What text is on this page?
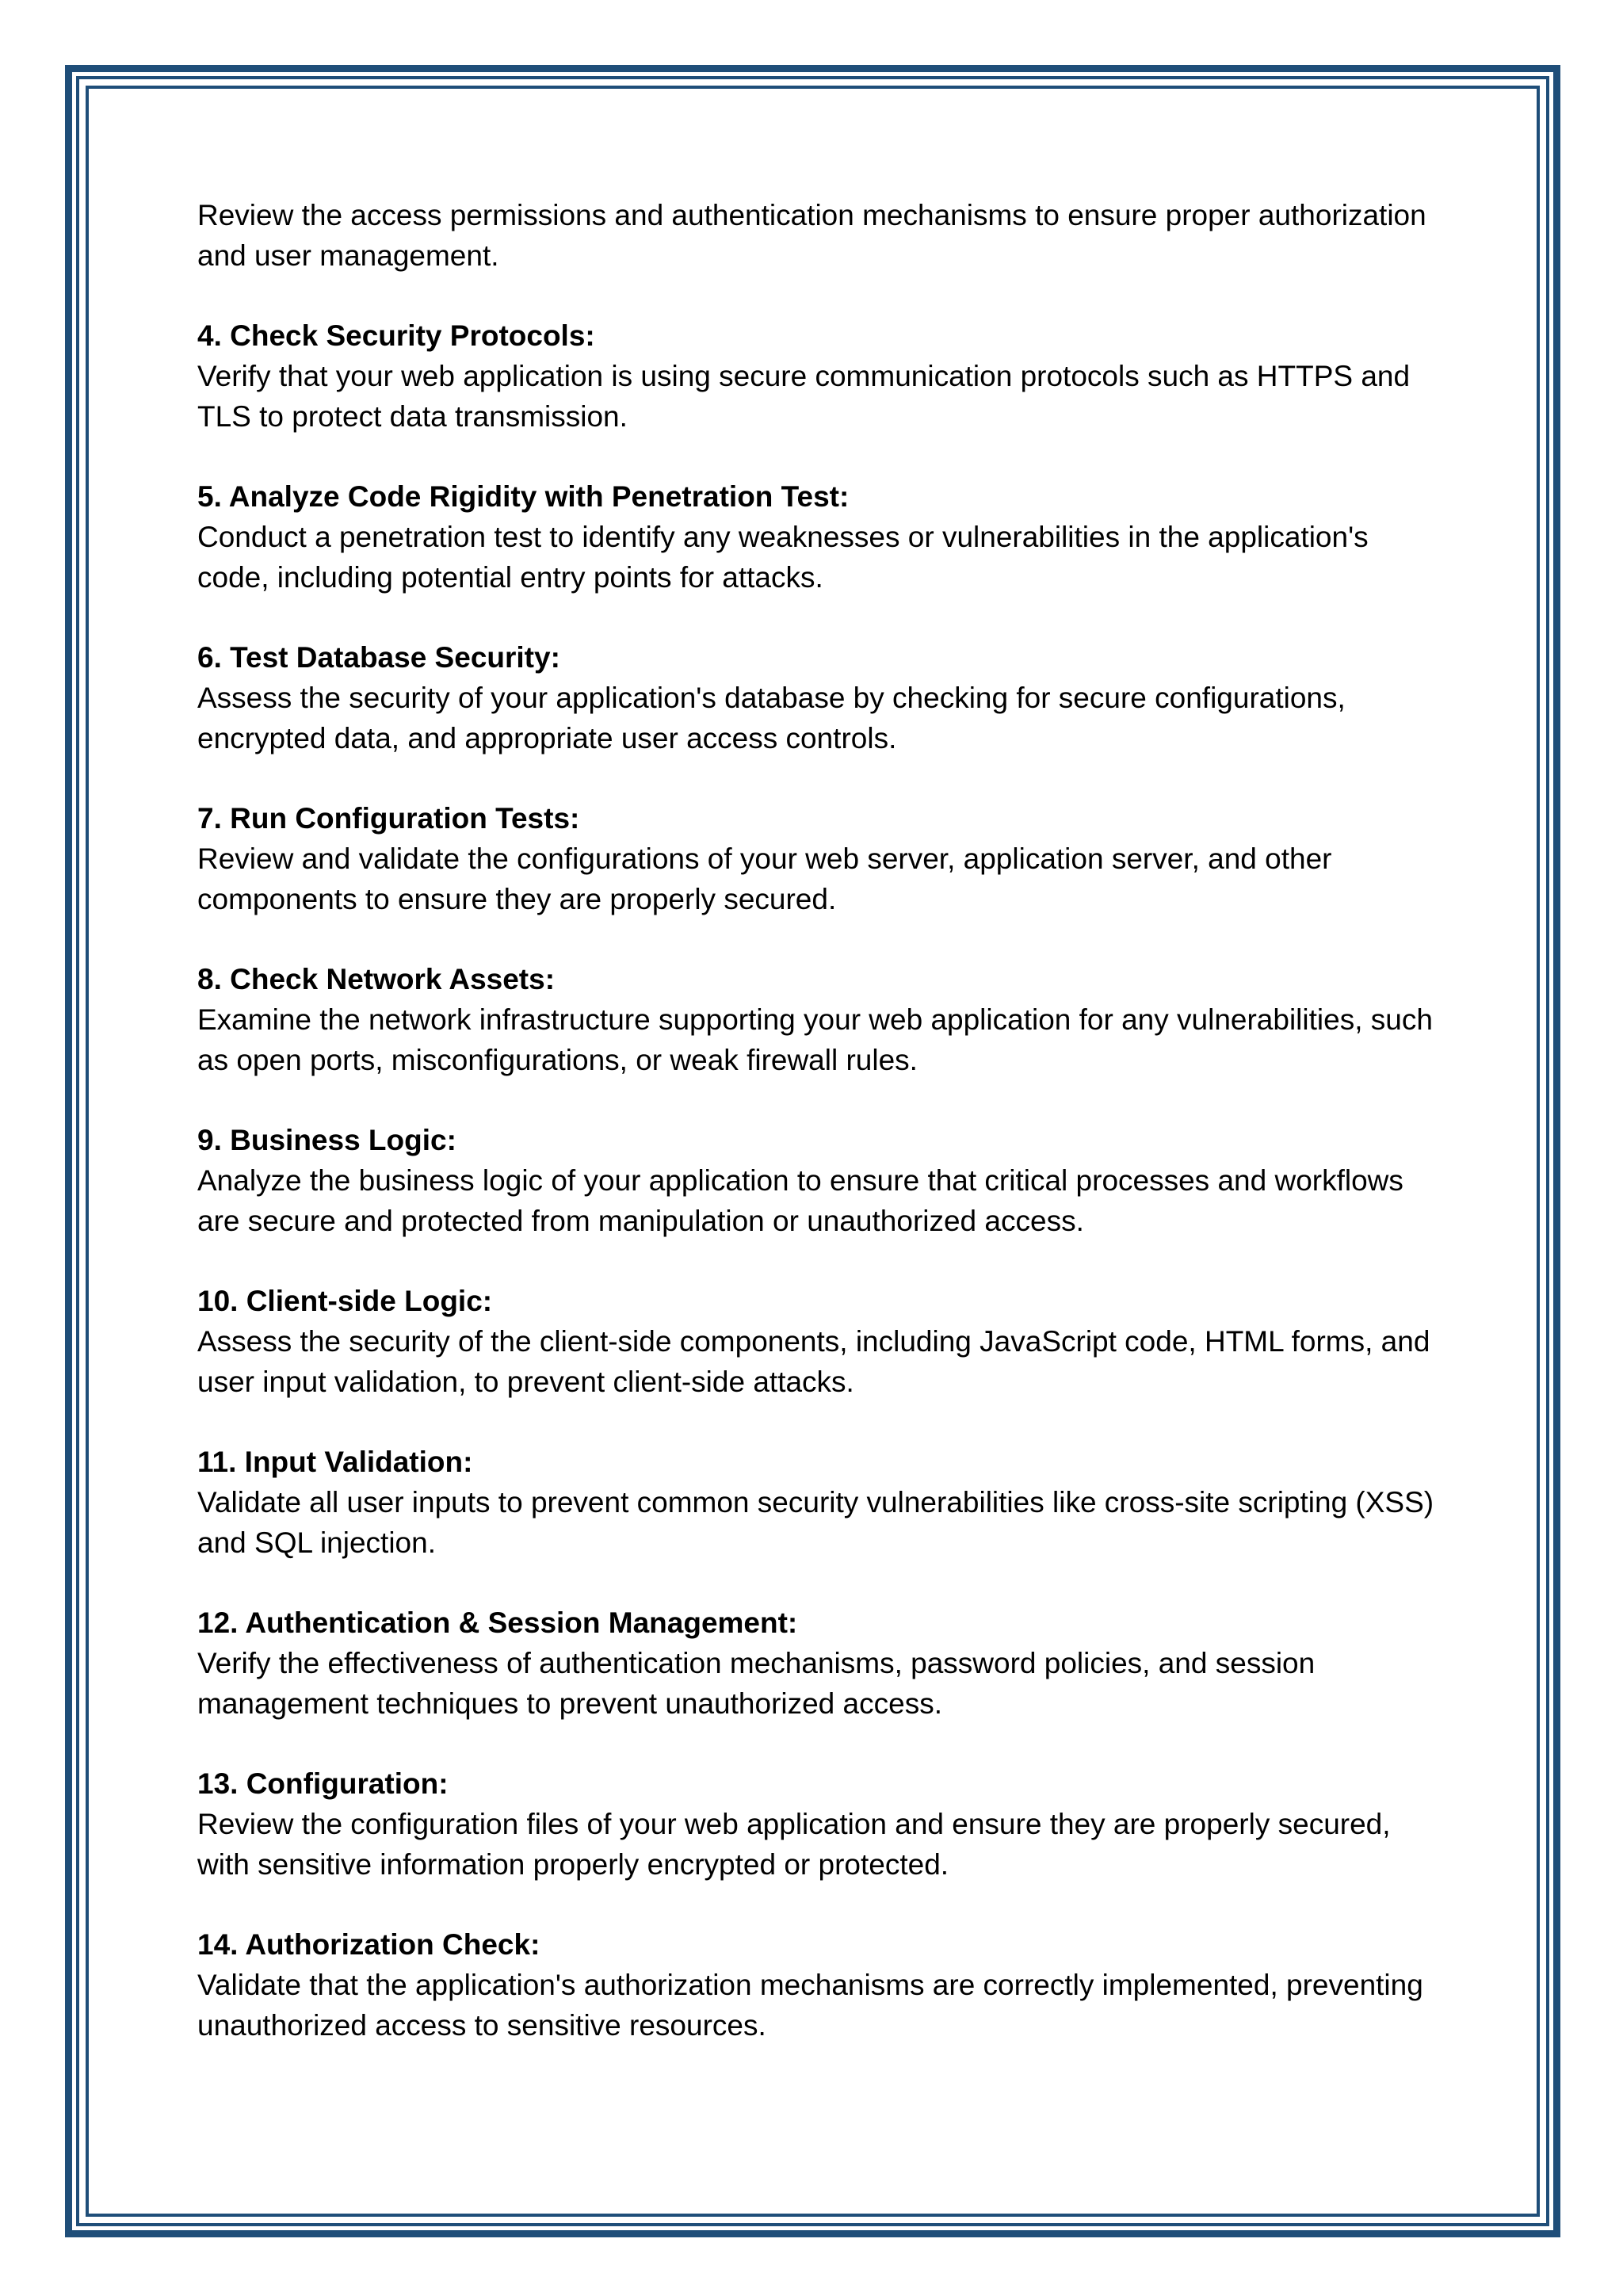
Review the access permissions and authentication mechanisms to ensure proper authorization and user management.

4. Check Security Protocols:

Verify that your web application is using secure communication protocols such as HTTPS and TLS to protect data transmission.

5. Analyze Code Rigidity with Penetration Test:

Conduct a penetration test to identify any weaknesses or vulnerabilities in the application's code, including potential entry points for attacks.

6. Test Database Security:

Assess the security of your application's database by checking for secure configurations, encrypted data, and appropriate user access controls.

7. Run Configuration Tests:

Review and validate the configurations of your web server, application server, and other components to ensure they are properly secured.

8. Check Network Assets:

Examine the network infrastructure supporting your web application for any vulnerabilities, such as open ports, misconfigurations, or weak firewall rules.

9. Business Logic:

Analyze the business logic of your application to ensure that critical processes and workflows are secure and protected from manipulation or unauthorized access.

10. Client-side Logic:

Assess the security of the client-side components, including JavaScript code, HTML forms, and user input validation, to prevent client-side attacks.

11. Input Validation:

Validate all user inputs to prevent common security vulnerabilities like cross-site scripting (XSS) and SQL injection.

12. Authentication & Session Management:

Verify the effectiveness of authentication mechanisms, password policies, and session management techniques to prevent unauthorized access.

13. Configuration:

Review the configuration files of your web application and ensure they are properly secured, with sensitive information properly encrypted or protected.

14. Authorization Check:

Validate that the application's authorization mechanisms are correctly implemented, preventing unauthorized access to sensitive resources.
